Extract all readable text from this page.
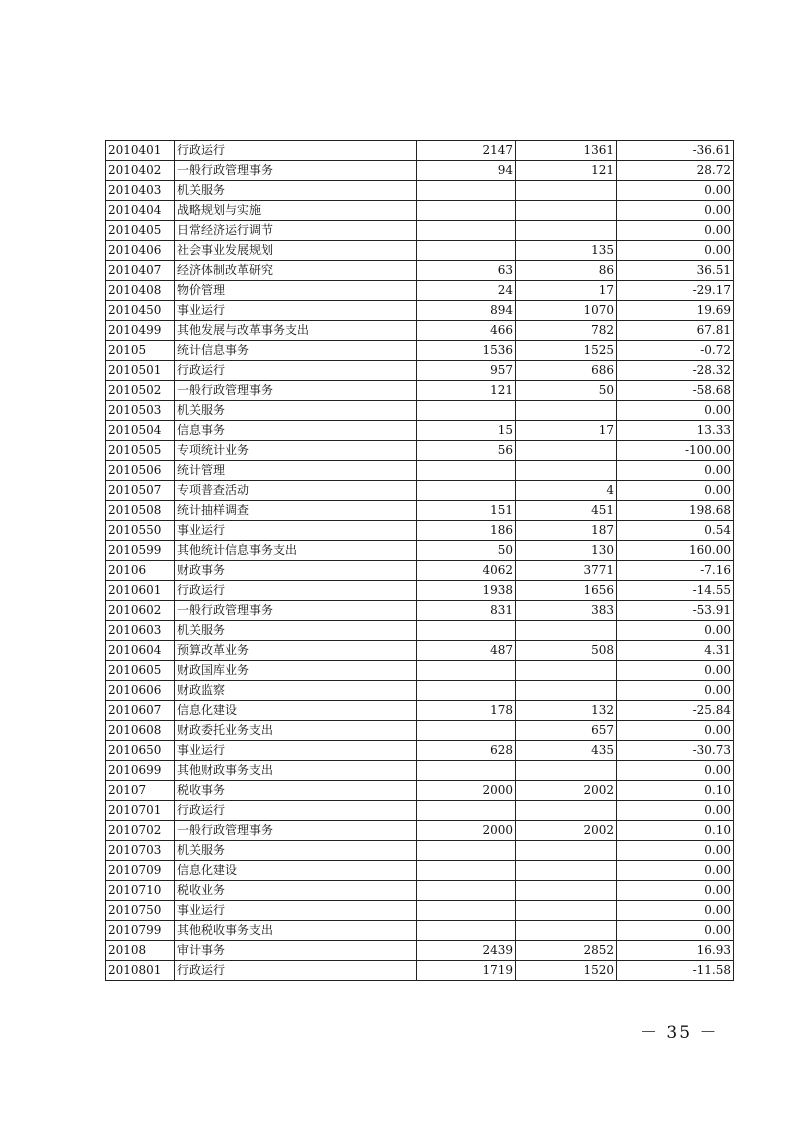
2010401	行政运行	2147	1361	-36.61
2010402	一般行政管理事务	94	121	28.72
2010403	机关服务			0.00
2010404	战略规划与实施			0.00
2010405	日常经济运行调节			0.00
2010406	社会事业发展规划		135	0.00
2010407	经济体制改革研究	63	86	36.51
2010408	物价管理	24	17	-29.17
2010450	事业运行	894	1070	19.69
2010499	其他发展与改革事务支出	466	782	67.81
20105	统计信息事务	1536	1525	-0.72
2010501	行政运行	957	686	-28.32
2010502	一般行政管理事务	121	50	-58.68
2010503	机关服务			0.00
2010504	信息事务	15	17	13.33
2010505	专项统计业务	56		-100.00
2010506	统计管理			0.00
2010507	专项普查活动		4	0.00
2010508	统计抽样调查	151	451	198.68
2010550	事业运行	186	187	0.54
2010599	其他统计信息事务支出	50	130	160.00
20106	财政事务	4062	3771	-7.16
2010601	行政运行	1938	1656	-14.55
2010602	一般行政管理事务	831	383	-53.91
2010603	机关服务			0.00
2010604	预算改革业务	487	508	4.31
2010605	财政国库业务			0.00
2010606	财政监察			0.00
2010607	信息化建设	178	132	-25.84
2010608	财政委托业务支出		657	0.00
2010650	事业运行	628	435	-30.73
2010699	其他财政事务支出			0.00
20107	税收事务	2000	2002	0.10
2010701	行政运行			0.00
2010702	一般行政管理事务	2000	2002	0.10
2010703	机关服务			0.00
2010709	信息化建设			0.00
2010710	税收业务			0.00
2010750	事业运行			0.00
2010799	其他税收事务支出			0.00
20108	审计事务	2439	2852	16.93
2010801	行政运行	1719	1520	-11.58
－ 35 －
